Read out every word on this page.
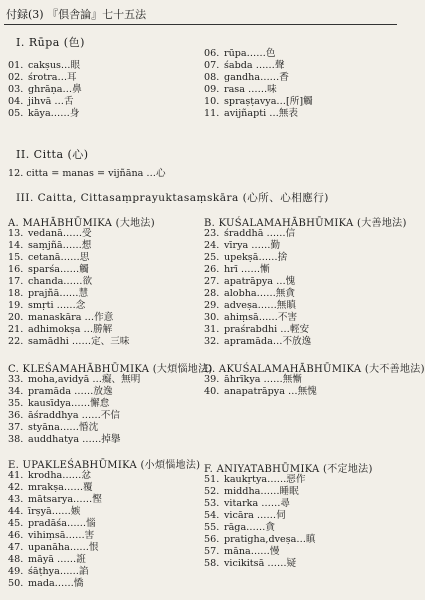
付録(3) 『倶舎論』七十五法
I. Rūpa (色)
01. cakṣus…眼
02. śrotra…耳
03. ghrāṇa…鼻
04. jihvā …舌
05. kāya……身
06. rūpa……色
07. śabda ……聲
08. gandha……香
09. rasa ……味
10. spraṣṭavya…[所]觸
11. avijñapti …無表
II. Citta (心)
12. citta = manas = vijñāna …心
III. Caitta, Cittasaṃprayuktasaṃskāra (心所、心相應行)
A. MAHĀBHŪMIKA (大地法)
13. vedanā……受
14. saṃjñā……想
15. cetanā……思
16. sparśa……觸
17. chanda……欲
18. prajñā……慧
19. smṛti ……念
20. manaskāra …作意
21. adhimokṣa …勝解
22. samādhi ……定、三味
B. KUŚALAMAHĀBHŪMIKA (大善地法)
23. śraddhā ……信
24. vīrya ……勤
25. upekṣā……捨
26. hrī ……慚
27. apatrāpya …愧
28. alobha……無貪
29. adveṣa……無瞋
30. ahiṃsā……不害
31. praśrabdhi …輕安
32. apramāda…不放逸
C. KLEŚAMAHĀBHŪMIKA (大煩惱地法)
33. moha,avidyā …癡、無明
34. pramāda ……放逸
35. kausīdya……懈怠
36. āśraddhya ……不信
37. styāna……惛沈
38. auddhatya ……掉擧
D. AKUŚALAMAHĀBHŪMIKA (大不善地法)
39. āhrīkya ……無慚
40. anapatrāpya …無愧
E. UPAKLEŚABHŪMIKA (小煩惱地法)
41. krodha……忿
42. mrakṣa……覆
43. mātsarya……慳
44. īrṣyā……嫉
45. pradāśa……惱
46. vihiṃsā……害
47. upanāha……恨
48. māyā ……誑
49. śāṭhya……諂
50. mada……憍
F. ANIYATABHŪMIKA (不定地法)
51. kaukṛtya……惡作
52. middha……睡眠
53. vitarka ……尋
54. vicāra ……伺
55. rāga……貪
56. pratigha,dveṣa…瞋
57. māna……慢
58. vicikitsā ……疑
